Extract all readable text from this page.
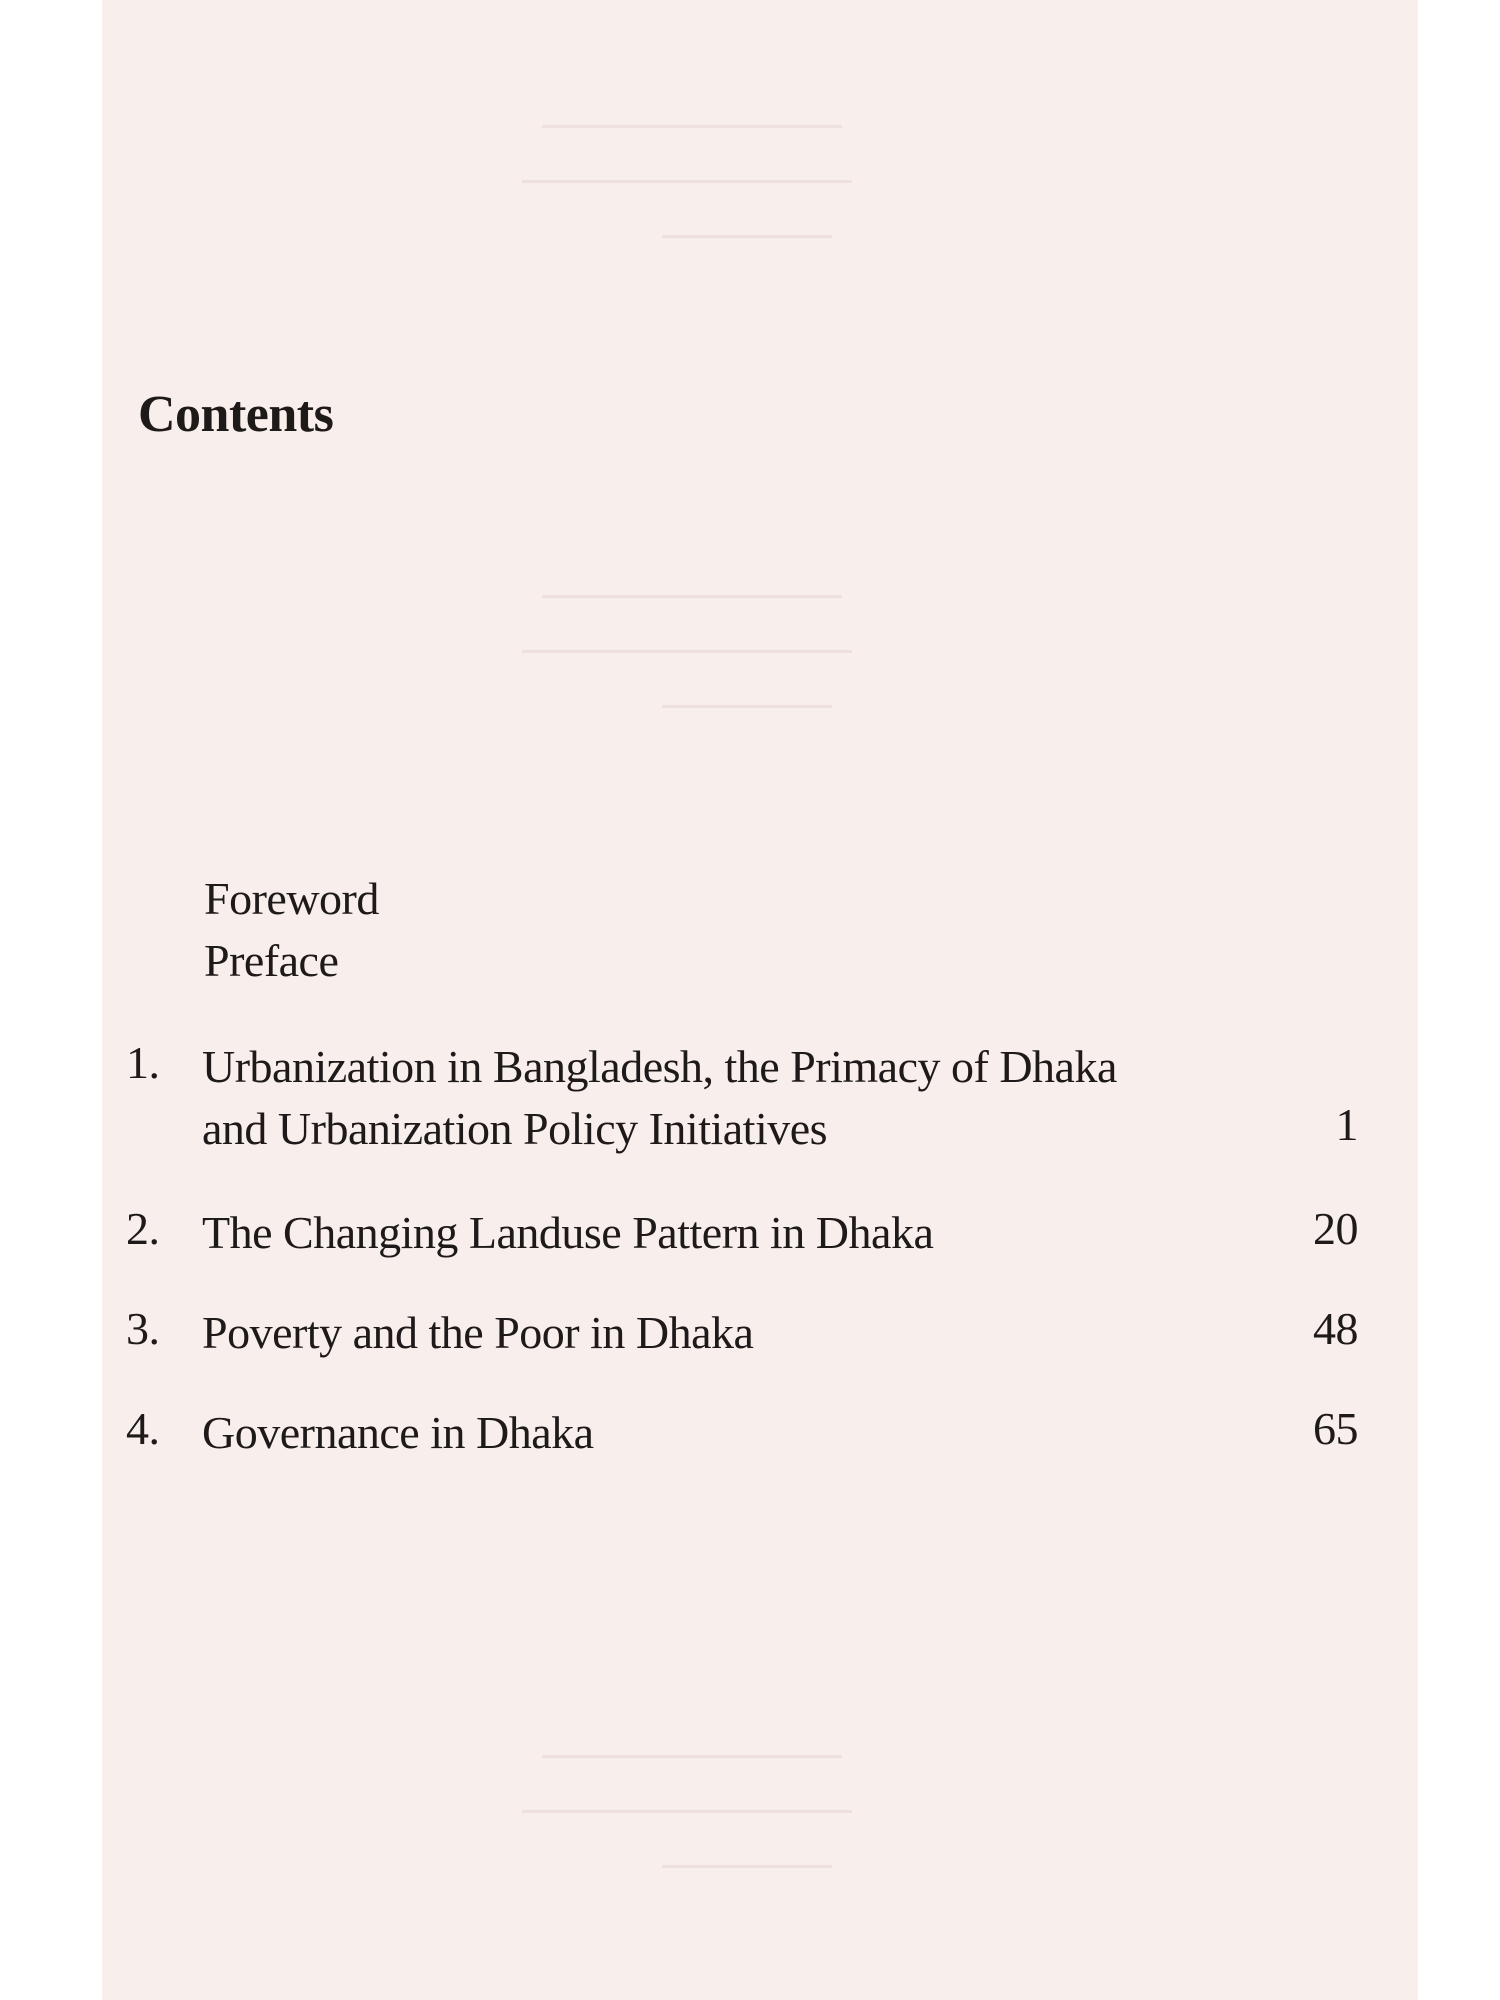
Contents

Foreword

Preface

1. Urbanization in Bangladesh, the Primacy of Dhaka
and Urbanization Policy Initiatives	1
2. The Changing Landuse Pattern in Dhaka	20
3. Poverty and the Poor in Dhaka	48
4. Governance in Dhaka	65
